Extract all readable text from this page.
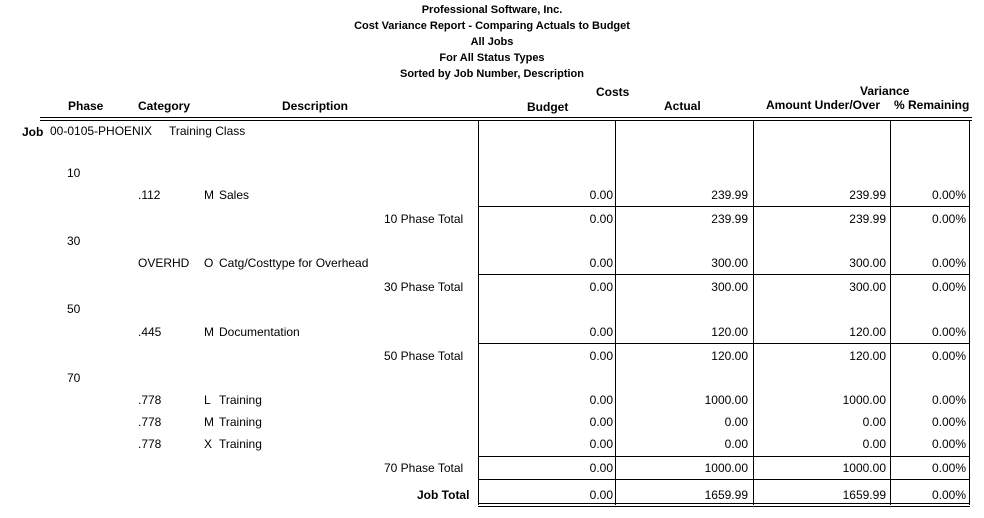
Professional Software, Inc.
Cost Variance Report - Comparing Actuals to Budget
All Jobs
For All Status Types
Sorted by Job Number, Description
Phase	Category	Description
Costs
Budget	Actual
Variance
Amount Under/Over % Remaining
Job 00-0105-PHOENIX Training Class
10
.112	M Sales	0.00	239.99	239.99	0.00%
10 Phase Total	0.00	239.99	239.99	0.00%
30
OVERHD O Catg/Costtype for Overhead	0.00	300.00	300.00	0.00%
30 Phase Total	0.00	300.00	300.00	0.00%
50
.445	M Documentation	0.00	120.00	120.00	0.00%
50 Phase Total	0.00	120.00	120.00	0.00%
70
.778	L Training	0.00	1000.00	1000.00	0.00%
.778	M Training	0.00	0.00	0.00	0.00%
.778	X Training	0.00	0.00	0.00	0.00%
70 Phase Total	0.00	1000.00	1000.00	0.00%
Job Total	0.00	1659.99	1659.99	0.00%
